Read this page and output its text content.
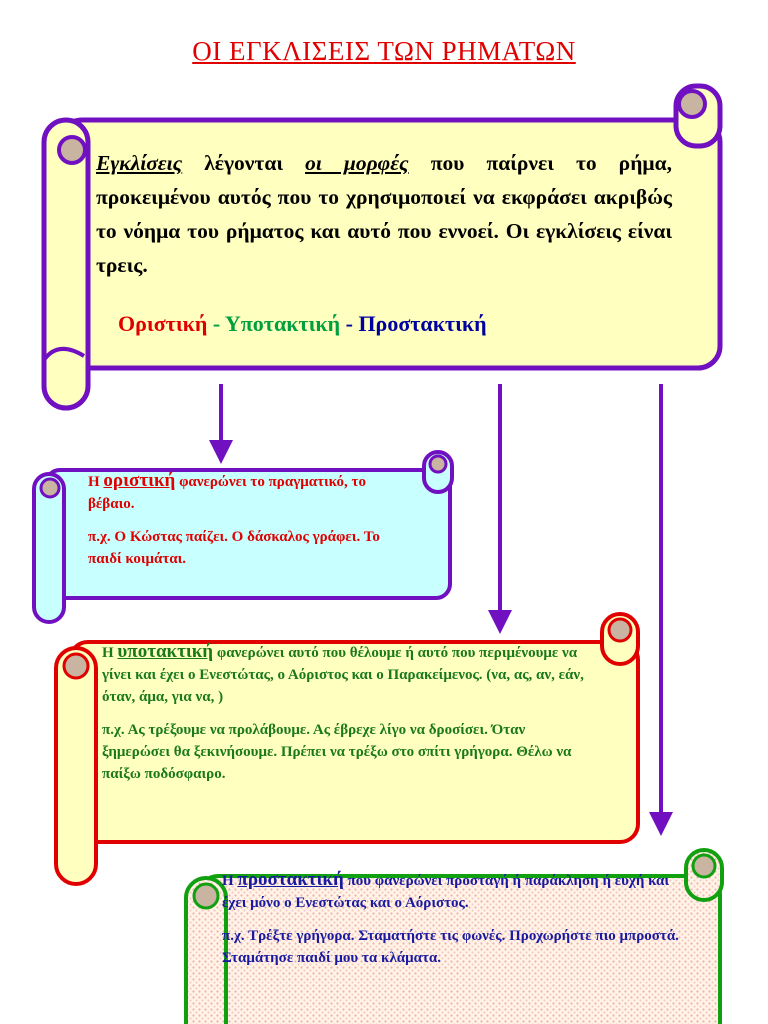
ΟΙ ΕΓΚΛΙΣΕΙΣ ΤΩΝ ΡΗΜΑΤΩΝ
Εγκλίσεις λέγονται οι μορφές που παίρνει το ρήμα, προκειμένου αυτός που το χρησιμοποιεί να εκφράσει ακριβώς το νόημα του ρήματος και αυτό που εννοεί. Οι εγκλίσεις είναι τρεις.
Οριστική - Υποτακτική - Προστακτική

Η οριστική φανερώνει το πραγματικό, το βέβαιο.

π.χ. Ο Κώστας παίζει. Ο δάσκαλος γράφει. Το παιδί κοιμάται.

Η υποτακτική φανερώνει αυτό που θέλουμε ή αυτό που περιμένουμε να γίνει και έχει ο Ενεστώτας, ο Αόριστος και ο Παρακείμενος. (να, ας, αν, εάν, όταν, άμα, για να, )

π.χ. Ας τρέξουμε να προλάβουμε. Ας έβρεχε λίγο να δροσίσει. Όταν ξημερώσει θα ξεκινήσουμε. Πρέπει να τρέξω στο σπίτι γρήγορα. Θέλω να παίξω ποδόσφαιρο.

Η προστακτική που φανερώνει προσταγή ή παράκληση ή ευχή και έχει μόνο ο Ενεστώτας και ο Αόριστος.

π.χ. Τρέξτε γρήγορα. Σταματήστε τις φωνές. Προχωρήστε πιο μπροστά. Σταμάτησε παιδί μου τα κλάματα.
